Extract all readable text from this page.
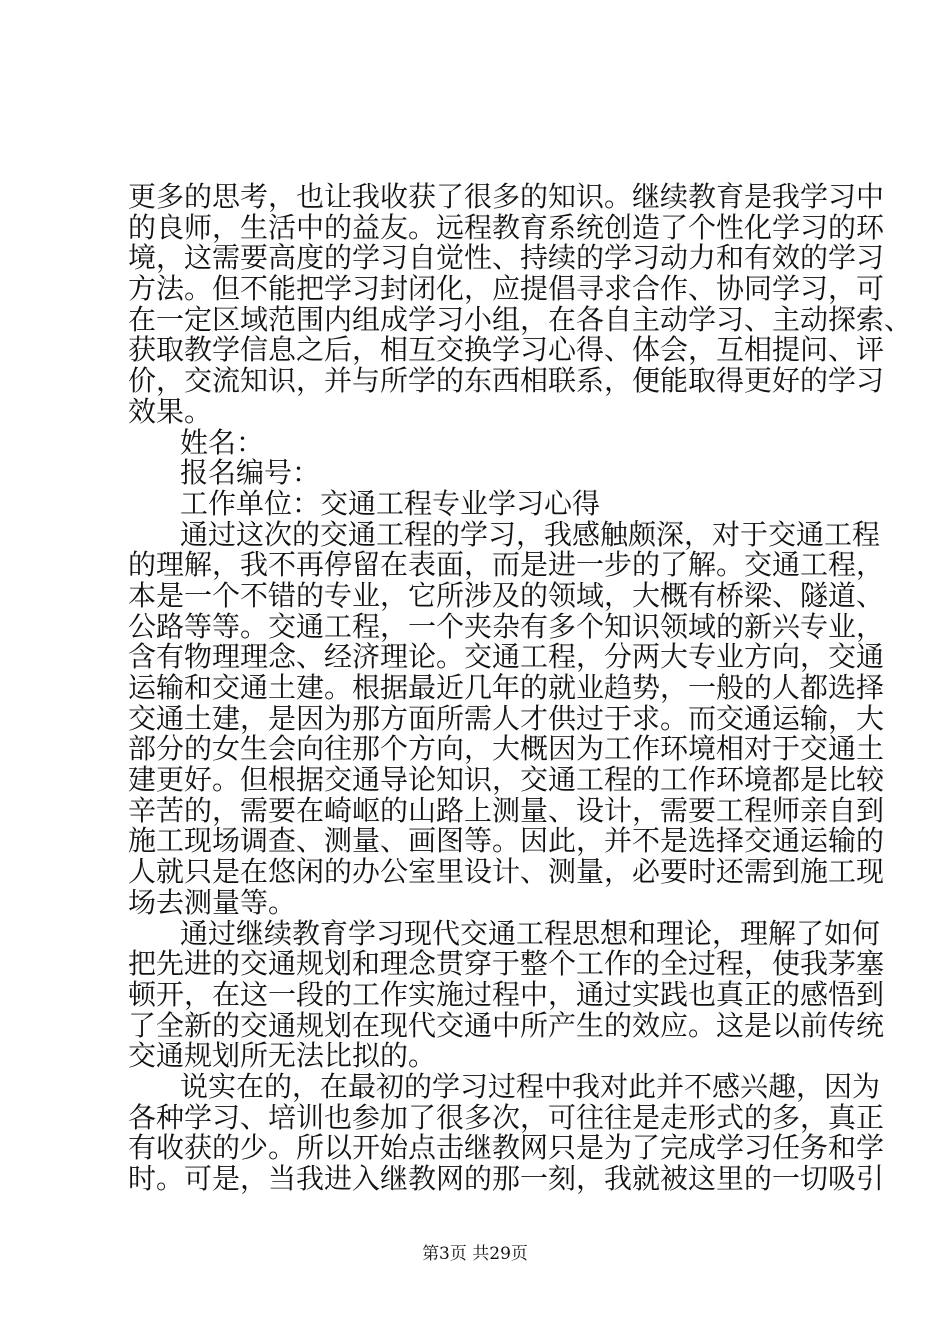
更多的思考，也让我收获了很多的知识。继续教育是我学习中
的良师，生活中的益友。远程教育系统创造了个性化学习的环
境，这需要高度的学习自觉性、持续的学习动力和有效的学习
方法。但不能把学习封闭化，应提倡寻求合作、协同学习，可
在一定区域范围内组成学习小组，在各自主动学习、主动探索、
获取教学信息之后，相互交换学习心得、体会，互相提问、评
价，交流知识，并与所学的东西相联系，便能取得更好的学习
效果。
姓名：
报名编号：
工作单位：交通工程专业学习心得
通过这次的交通工程的学习，我感触颇深，对于交通工程
的理解，我不再停留在表面，而是进一步的了解。交通工程，
本是一个不错的专业，它所涉及的领域，大概有桥梁、隧道、
公路等等。交通工程，一个夹杂有多个知识领域的新兴专业，
含有物理理念、经济理论。交通工程，分两大专业方向，交通
运输和交通土建。根据最近几年的就业趋势，一般的人都选择
交通土建，是因为那方面所需人才供过于求。而交通运输，大
部分的女生会向往那个方向，大概因为工作环境相对于交通土
建更好。但根据交通导论知识，交通工程的工作环境都是比较
辛苦的，需要在崎岖的山路上测量、设计，需要工程师亲自到
施工现场调查、测量、画图等。因此，并不是选择交通运输的
人就只是在悠闲的办公室里设计、测量，必要时还需到施工现
场去测量等。
通过继续教育学习现代交通工程思想和理论，理解了如何
把先进的交通规划和理念贯穿于整个工作的全过程，使我茅塞
顿开，在这一段的工作实施过程中，通过实践也真正的感悟到
了全新的交通规划在现代交通中所产生的效应。这是以前传统
交通规划所无法比拟的。
说实在的，在最初的学习过程中我对此并不感兴趣，因为
各种学习、培训也参加了很多次，可往往是走形式的多，真正
有收获的少。所以开始点击继教网只是为了完成学习任务和学
时。可是，当我进入继教网的那一刻，我就被这里的一切吸引
第3页 共29页
